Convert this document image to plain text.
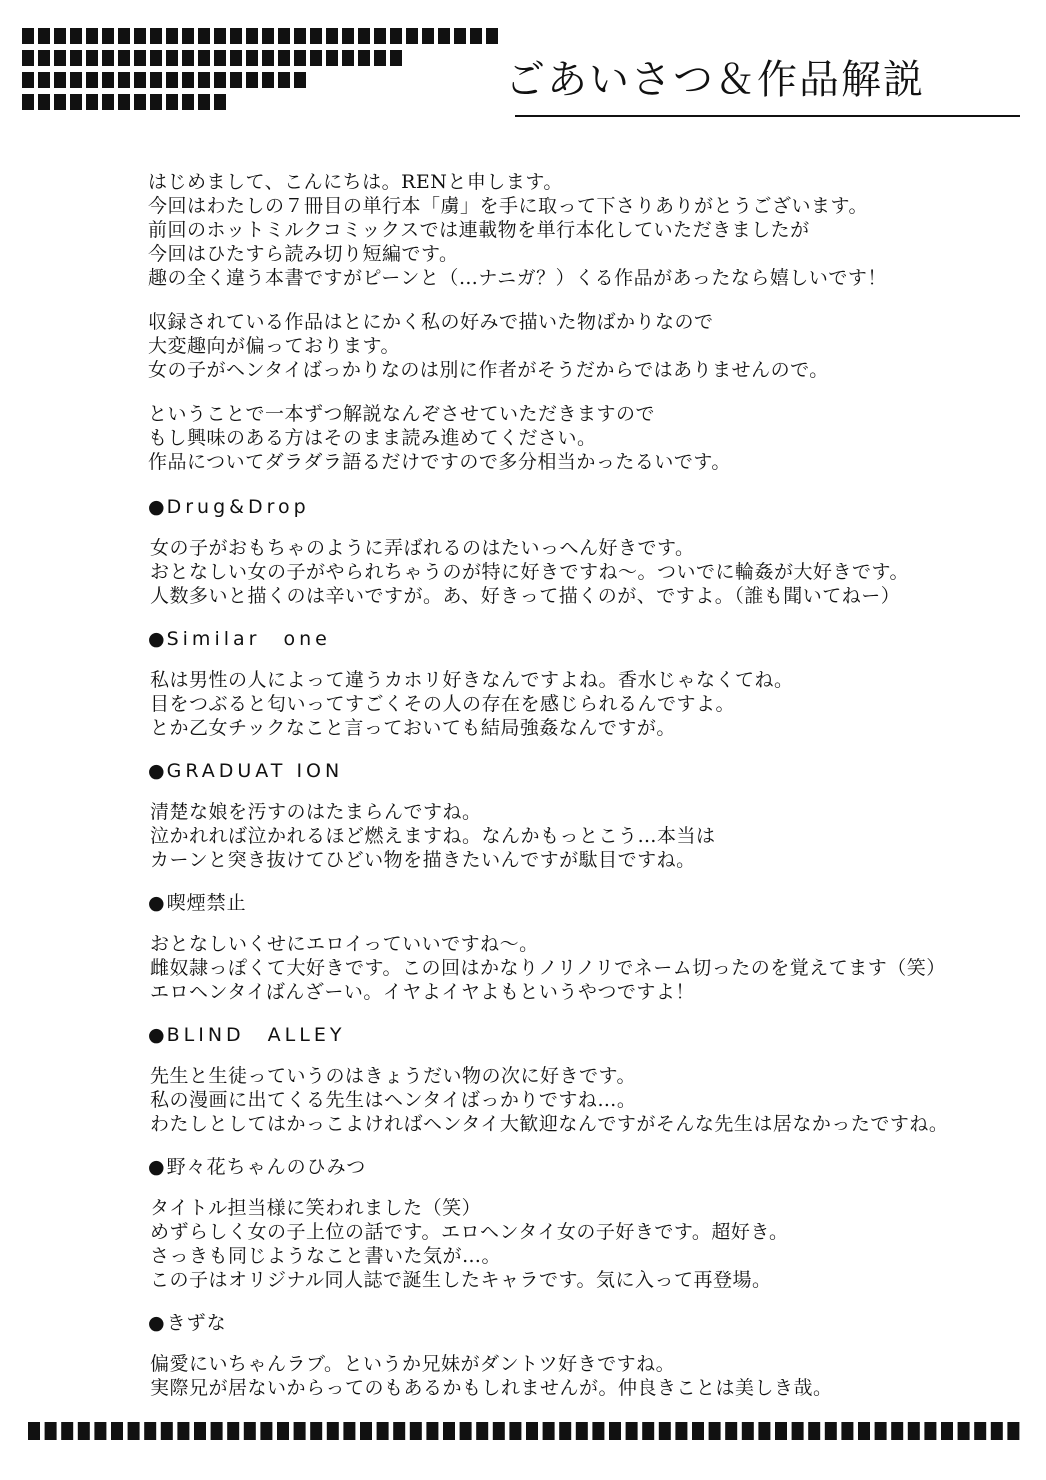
ごあいさつ＆作品解説
はじめまして、こんにちは。RENと申します。
今回はわたしの７冊目の単行本「虜」を手に取って下さりありがとうございます。
前回のホットミルクコミックスでは連載物を単行本化していただきましたが
今回はひたすら読み切り短編です。
趣の全く違う本書ですがピーンと（…ナニガ？）くる作品があったなら嬉しいです！
収録されている作品はとにかく私の好みで描いた物ばかりなので
大変趣向が偏っております。
女の子がヘンタイばっかりなのは別に作者がそうだからではありませんので。
ということで一本ずつ解説なんぞさせていただきますので
もし興味のある方はそのまま読み進めてください。
作品についてダラダラ語るだけですので多分相当かったるいです。
● Drug&Drop
女の子がおもちゃのように弄ばれるのはたいっへん好きです。
おとなしい女の子がやられちゃうのが特に好きですね～。ついでに輪姦が大好きです。
人数多いと描くのは辛いですが。あ、好きって描くのが、ですよ。（誰も聞いてねー）
● Similar　one
私は男性の人によって違うカホリ好きなんですよね。香水じゃなくてね。
目をつぶると匂いってすごくその人の存在を感じられるんですよ。
とか乙女チックなこと言っておいても結局強姦なんですが。
● GRADUAT ION
清楚な娘を汚すのはたまらんですね。
泣かれれば泣かれるほど燃えますね。なんかもっとこう…本当は
カーンと突き抜けてひどい物を描きたいんですが駄目ですね。
● 喫煙禁止
おとなしいくせにエロイっていいですね～。
雌奴隷っぽくて大好きです。この回はかなりノリノリでネーム切ったのを覚えてます（笑）
エロヘンタイばんざーい。イヤよイヤよもというやつですよ！
● BLIND　ALLEY
先生と生徒っていうのはきょうだい物の次に好きです。
私の漫画に出てくる先生はヘンタイばっかりですね…。
わたしとしてはかっこよければヘンタイ大歓迎なんですがそんな先生は居なかったですね。
● 野々花ちゃんのひみつ
タイトル担当様に笑われました（笑）
めずらしく女の子上位の話です。エロヘンタイ女の子好きです。超好き。
さっきも同じようなこと書いた気が…。
この子はオリジナル同人誌で誕生したキャラです。気に入って再登場。
● きずな
偏愛にいちゃんラブ。というか兄妹がダントツ好きですね。
実際兄が居ないからってのもあるかもしれませんが。仲良きことは美しき哉。
